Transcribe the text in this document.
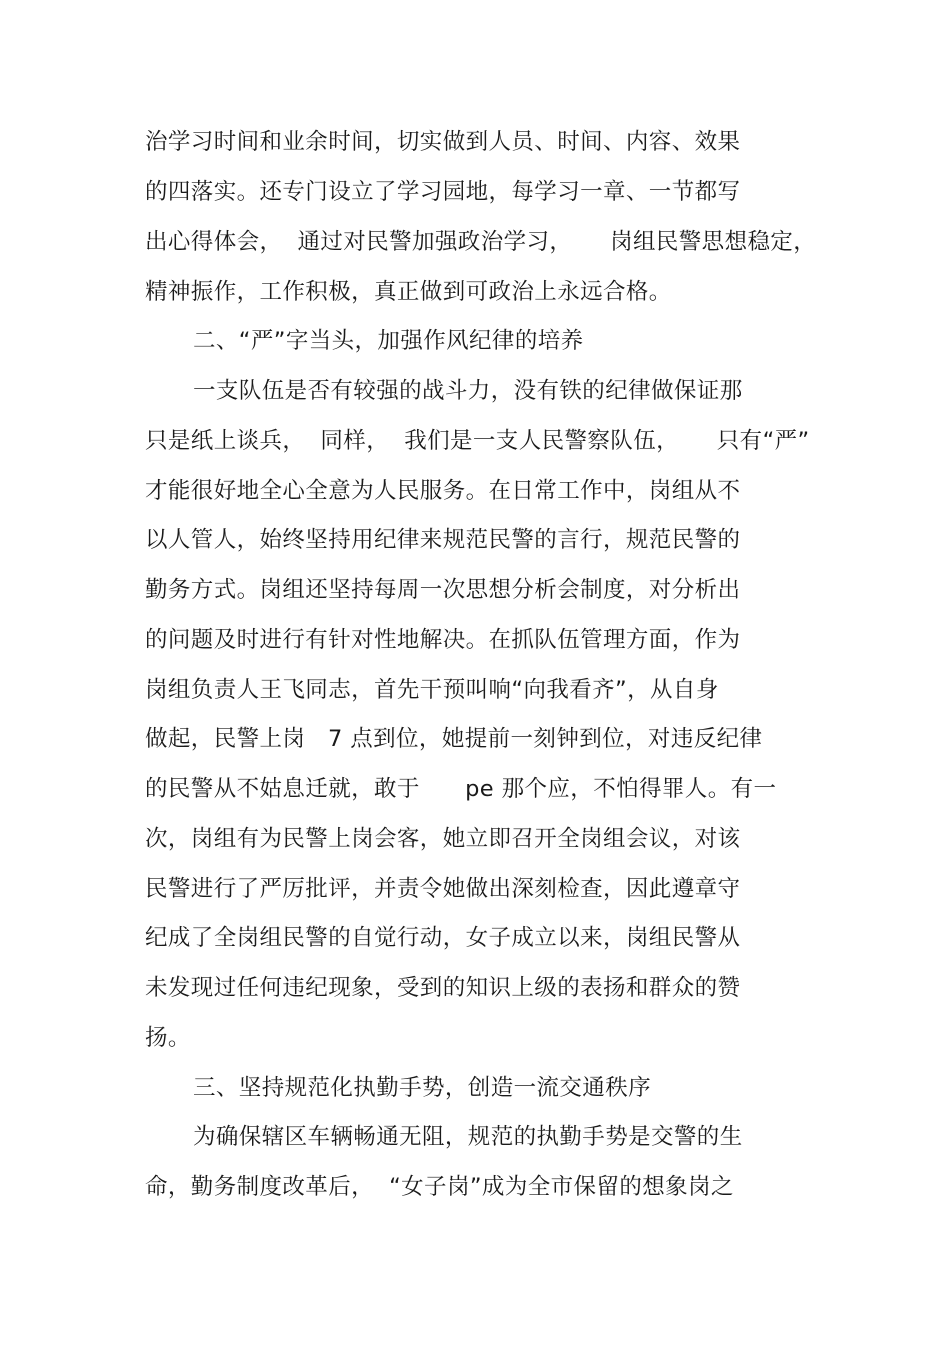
治学习时间和业余时间，切实做到人员、时间、内容、效果
的四落实。还专门设立了学习园地，每学习一章、一节都写
出心得体会，  通过对民警加强政治学习，     岗组民警思想稳定，
精神振作，工作积极，真正做到可政治上永远合格。
二、“严”字当头，加强作风纪律的培养
一支队伍是否有较强的战斗力，没有铁的纪律做保证那
只是纸上谈兵，  同样，  我们是一支人民警察队伍，     只有“严”
才能很好地全心全意为人民服务。在日常工作中，岗组从不
以人管人，始终坚持用纪律来规范民警的言行，规范民警的
勤务方式。岗组还坚持每周一次思想分析会制度，对分析出
的问题及时进行有针对性地解决。在抓队伍管理方面，作为
岗组负责人王飞同志，首先干预叫响“向我看齐”，从自身
做起，民警上岗   7 点到位，她提前一刻钟到位，对违反纪律
的民警从不姑息迁就，敢于      pe 那个应，不怕得罪人。有一
次，岗组有为民警上岗会客，她立即召开全岗组会议，对该
民警进行了严厉批评，并责令她做出深刻检查，因此遵章守
纪成了全岗组民警的自觉行动，女子成立以来，岗组民警从
未发现过任何违纪现象，受到的知识上级的表扬和群众的赞
扬。
三、坚持规范化执勤手势，创造一流交通秩序
为确保辖区车辆畅通无阻，规范的执勤手势是交警的生
命，勤务制度改革后，  “女子岗”成为全市保留的想象岗之
